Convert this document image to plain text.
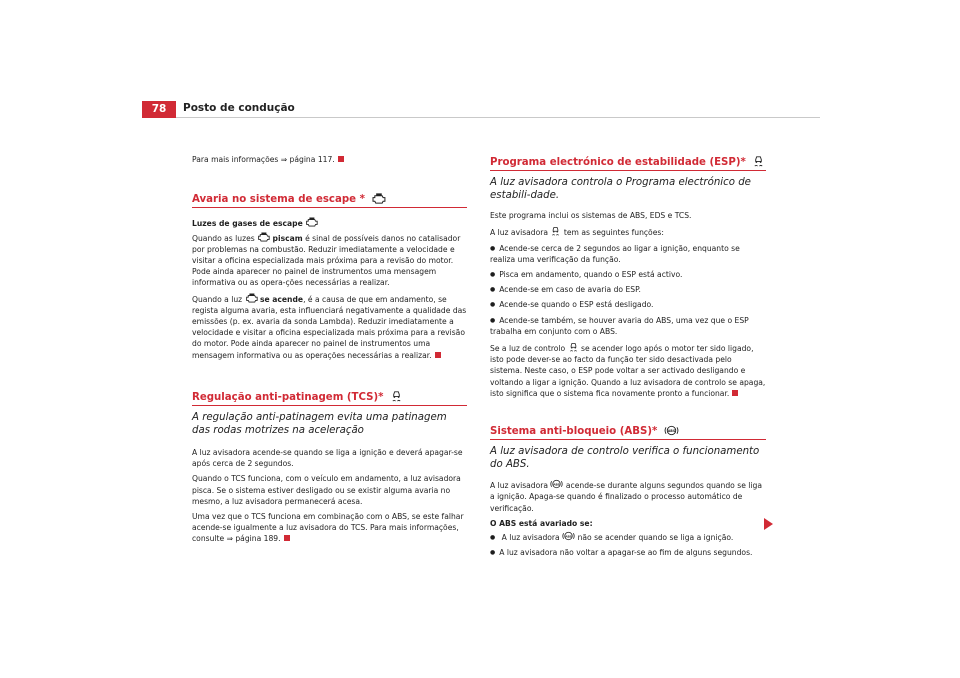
78	Posto de condução

Para mais informações ⇒ página 117.

Avaria no sistema de escape *

Luzes de gases de escape

Quando as luzes piscam é sinal de possíveis danos no catalisador por problemas na combustão. Reduzir imediatamente a velocidade e visitar a oficina especializada mais próxima para a revisão do motor. Pode ainda aparecer no painel de instrumentos uma mensagem informativa ou as opera-ções necessárias a realizar.

Quando a luz se acende, é a causa de que em andamento, se regista alguma avaria, esta influenciará negativamente a qualidade das emissões (p. ex. avaria da sonda Lambda). Reduzir imediatamente a velocidade e visitar a oficina especializada mais próxima para a revisão do motor. Pode ainda aparecer no painel de instrumentos uma mensagem informativa ou as operações necessárias a realizar.

Regulação anti-patinagem (TCS)*

A regulação anti-patinagem evita uma patinagem das rodas motrizes na aceleração

A luz avisadora acende-se quando se liga a ignição e deverá apagar-se após cerca de 2 segundos.

Quando o TCS funciona, com o veículo em andamento, a luz avisadora pisca. Se o sistema estiver desligado ou se existir alguma avaria no mesmo, a luz avisadora permanecerá acesa.

Uma vez que o TCS funciona em combinação com o ABS, se este falhar acende-se igualmente a luz avisadora do TCS. Para mais informações, consulte ⇒ página 189.

Programa electrónico de estabilidade (ESP)*

A luz avisadora controla o Programa electrónico de estabili-dade.

Este programa inclui os sistemas de ABS, EDS e TCS.

A luz avisadora tem as seguintes funções:

● Acende-se cerca de 2 segundos ao ligar a ignição, enquanto se realiza uma verificação da função.

● Pisca em andamento, quando o ESP está activo.

● Acende-se em caso de avaria do ESP.

● Acende-se quando o ESP está desligado.

● Acende-se também, se houver avaria do ABS, uma vez que o ESP trabalha em conjunto com o ABS.

Se a luz de controlo se acender logo após o motor ter sido ligado, isto pode dever-se ao facto da função ter sido desactivada pelo sistema. Neste caso, o ESP pode voltar a ser activado desligando e voltando a ligar a ignição. Quando a luz avisadora de controlo se apaga, isto significa que o sistema fica novamente pronto a funcionar.

Sistema anti-bloqueio (ABS)*

A luz avisadora de controlo verifica o funcionamento do ABS.

A luz avisadora acende-se durante alguns segundos quando se liga a ignição. Apaga-se quando é finalizado o processo automático de verificação.

O ABS está avariado se:

● A luz avisadora não se acender quando se liga a ignição.

● A luz avisadora não voltar a apagar-se ao fim de alguns segundos.
